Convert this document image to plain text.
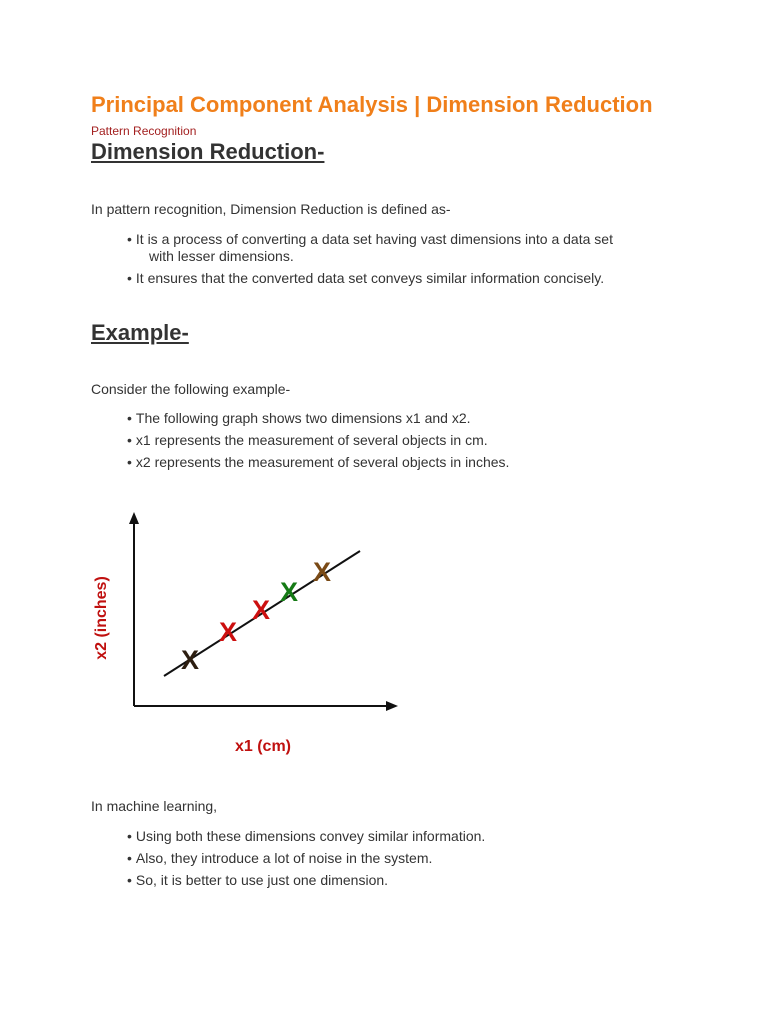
Principal Component Analysis | Dimension Reduction
Pattern Recognition
Dimension Reduction-
In pattern recognition, Dimension Reduction is defined as-
• It is a process of converting a data set having vast dimensions into a data set
with lesser dimensions.
• It ensures that the converted data set conveys similar information concisely.
Example-
Consider the following example-
• The following graph shows two dimensions x1 and x2.
• x1 represents the measurement of several objects in cm.
• x2 represents the measurement of several objects in inches.
X
X
X
X
X
x1 (cm)
x2 (inches)
In machine learning,
• Using both these dimensions convey similar information.
• Also, they introduce a lot of noise in the system.
• So, it is better to use just one dimension.
